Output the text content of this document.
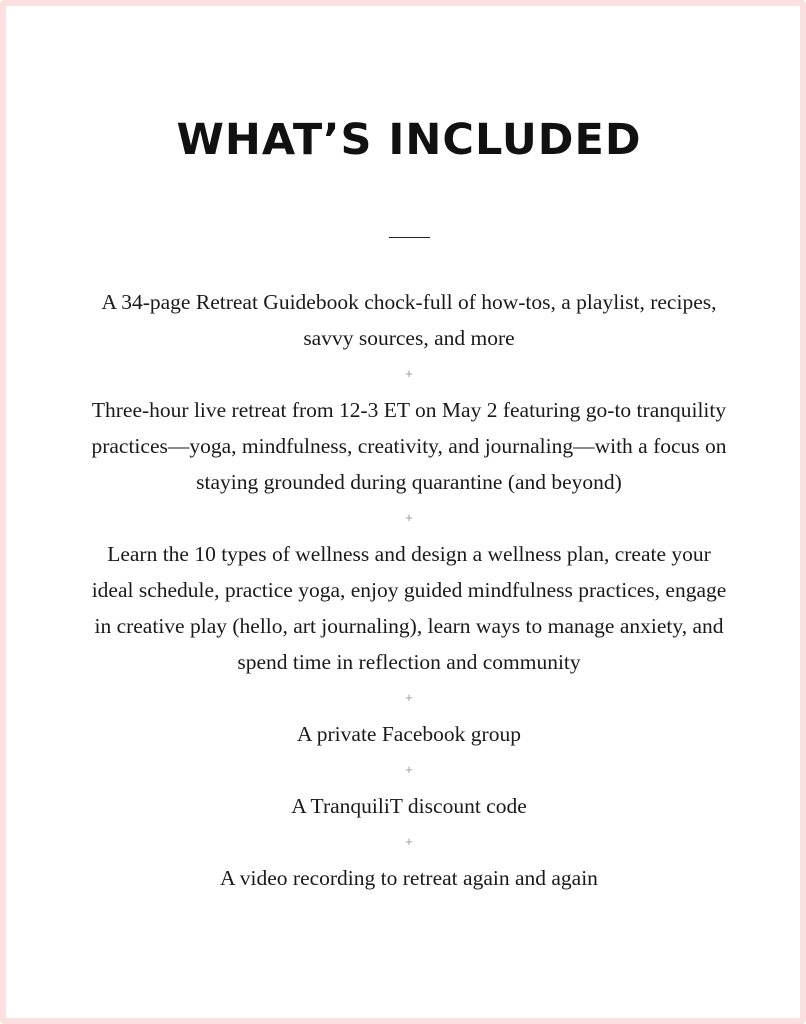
WHAT’S INCLUDED

A 34-page Retreat Guidebook chock-full of how-tos, a playlist, recipes, savvy sources, and more

+

Three-hour live retreat from 12-3 ET on May 2 featuring go-to tranquility practices—yoga, mindfulness, creativity, and journaling—with a focus on staying grounded during quarantine (and beyond)

+

Learn the 10 types of wellness and design a wellness plan, create your ideal schedule, practice yoga, enjoy guided mindfulness practices, engage in creative play (hello, art journaling), learn ways to manage anxiety, and spend time in reflection and community

+

A private Facebook group

+

A TranquiliT discount code

+

A video recording to retreat again and again
